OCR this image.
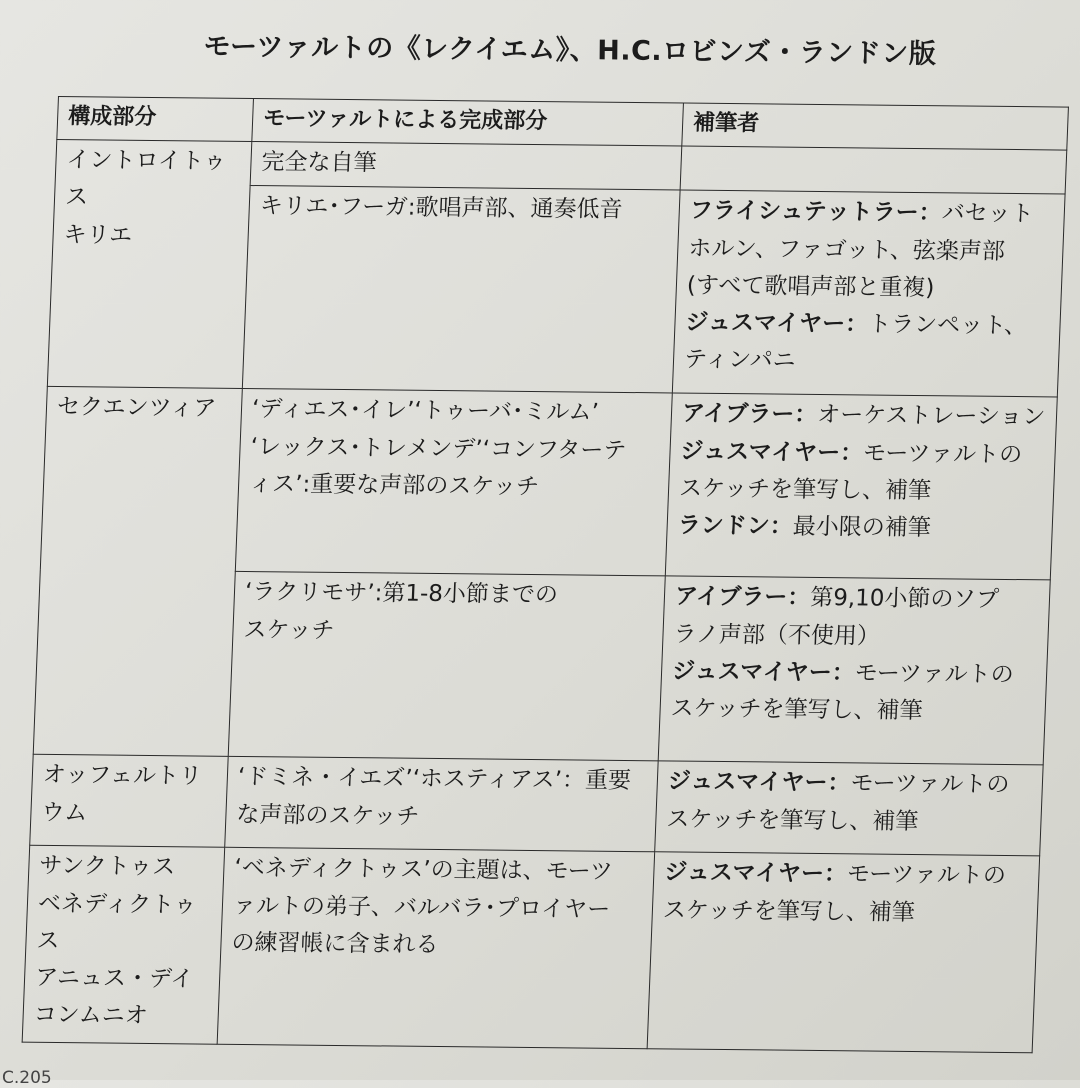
モーツァルトの《レクイエム》、H.C.ロビンズ・ランドン版
構成部分	モーツァルトによる完成部分	補筆者

イントロイトゥス
キリエ	完全な自筆	

	キリエ･フーガ:歌唱声部、通奏低音	フライシュテットラー：バセット
ホルン、ファゴット、弦楽声部
(すべて歌唱声部と重複)
ジュスマイヤー：トランペット、
ティンパニ

セクエンツィア	‘ディエス･イレ’‘トゥーバ･ミルム’
‘レックス･トレメンデ’‘コンフターテ
ィス’:重要な声部のスケッチ	アイブラー：オーケストレーション
ジュスマイヤー：モーツァルトの
スケッチを筆写し、補筆
ランドン：最小限の補筆

	‘ラクリモサ’:第1-8小節までの
スケッチ	アイブラー：第9,10小節のソプ
ラノ声部（不使用）
ジュスマイヤー：モーツァルトの
スケッチを筆写し、補筆

オッフェルトリ
ウム	‘ドミネ・イエズ’‘ホスティアス’：重要
な声部のスケッチ	ジュスマイヤー：モーツァルトの
スケッチを筆写し、補筆

サンクトゥス
ベネディクトゥス
アニュス・デイ
コンムニオ	‘ベネディクトゥス’の主題は、モーツ
ァルトの弟子、バルバラ･プロイヤー
の練習帳に含まれる	ジュスマイヤー：モーツァルトの
スケッチを筆写し、補筆
C.205
